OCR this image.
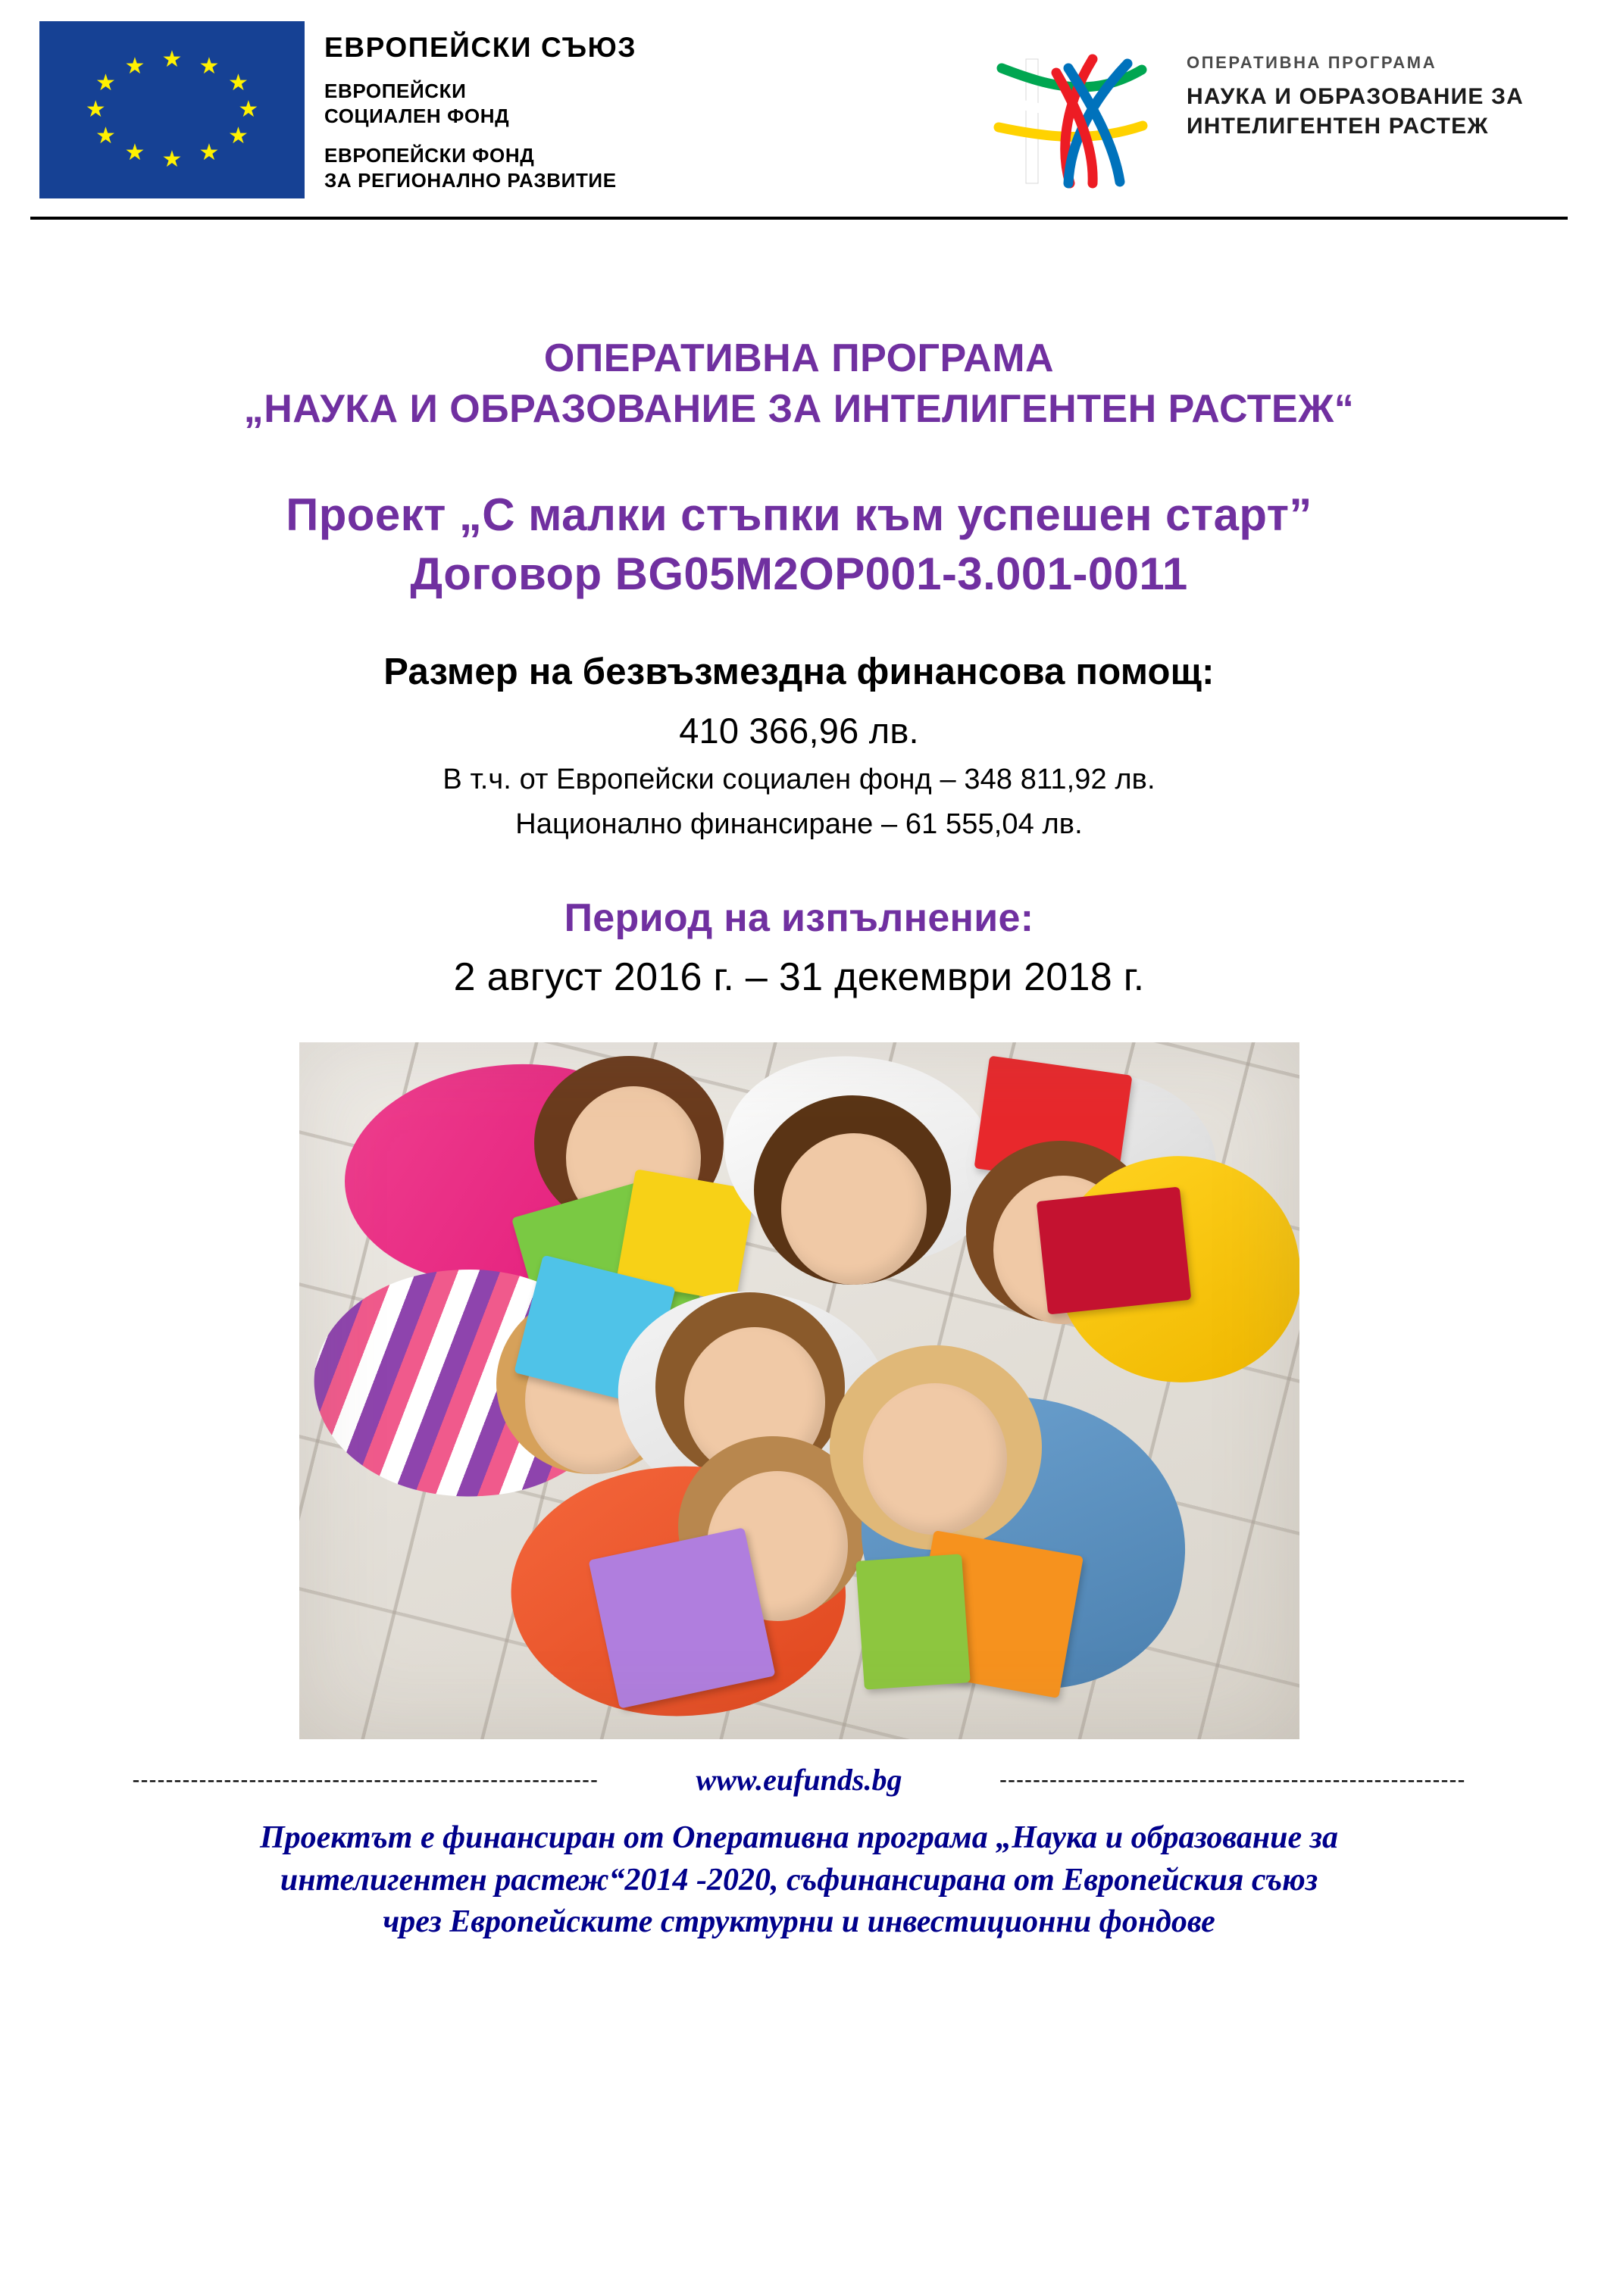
★ ★
★
★
★
★
★
★
★
★
★
★
ЕВРОПЕЙСКИ СЪЮЗ
ЕВРОПЕЙСКИ
СОЦИАЛЕН ФОНД
ЕВРОПЕЙСКИ ФОНД
ЗА РЕГИОНАЛНО РАЗВИТИЕ
ОПЕРАТИВНА ПРОГРАМА
НАУКА И ОБРАЗОВАНИЕ ЗА
ИНТЕЛИГЕНТЕН РАСТЕЖ
ОПЕРАТИВНА ПРОГРАМА
„НАУКА И ОБРАЗОВАНИЕ ЗА ИНТЕЛИГЕНТЕН РАСТЕЖ“
Проект „С малки стъпки към успешен старт”
Договор BG05M2OP001-3.001-0011
Размер на безвъзмездна финансова помощ:
410 366,96 лв.
В т.ч. от Европейски социален фонд – 348 811,92 лв.
Национално финансиране – 61 555,04 лв.
Период на изпълнение:
2 август 2016 г. – 31 декември 2018 г.
--------------------------------------------------------	www.eufunds.bg	--------------------------------------------------------
Проектът е финансиран от Оперативна програма „Наука и образование за
интелигентен растеж“2014 -2020, съфинансирана от Европейския съюз
чрез Европейските структурни и инвестиционни фондове
